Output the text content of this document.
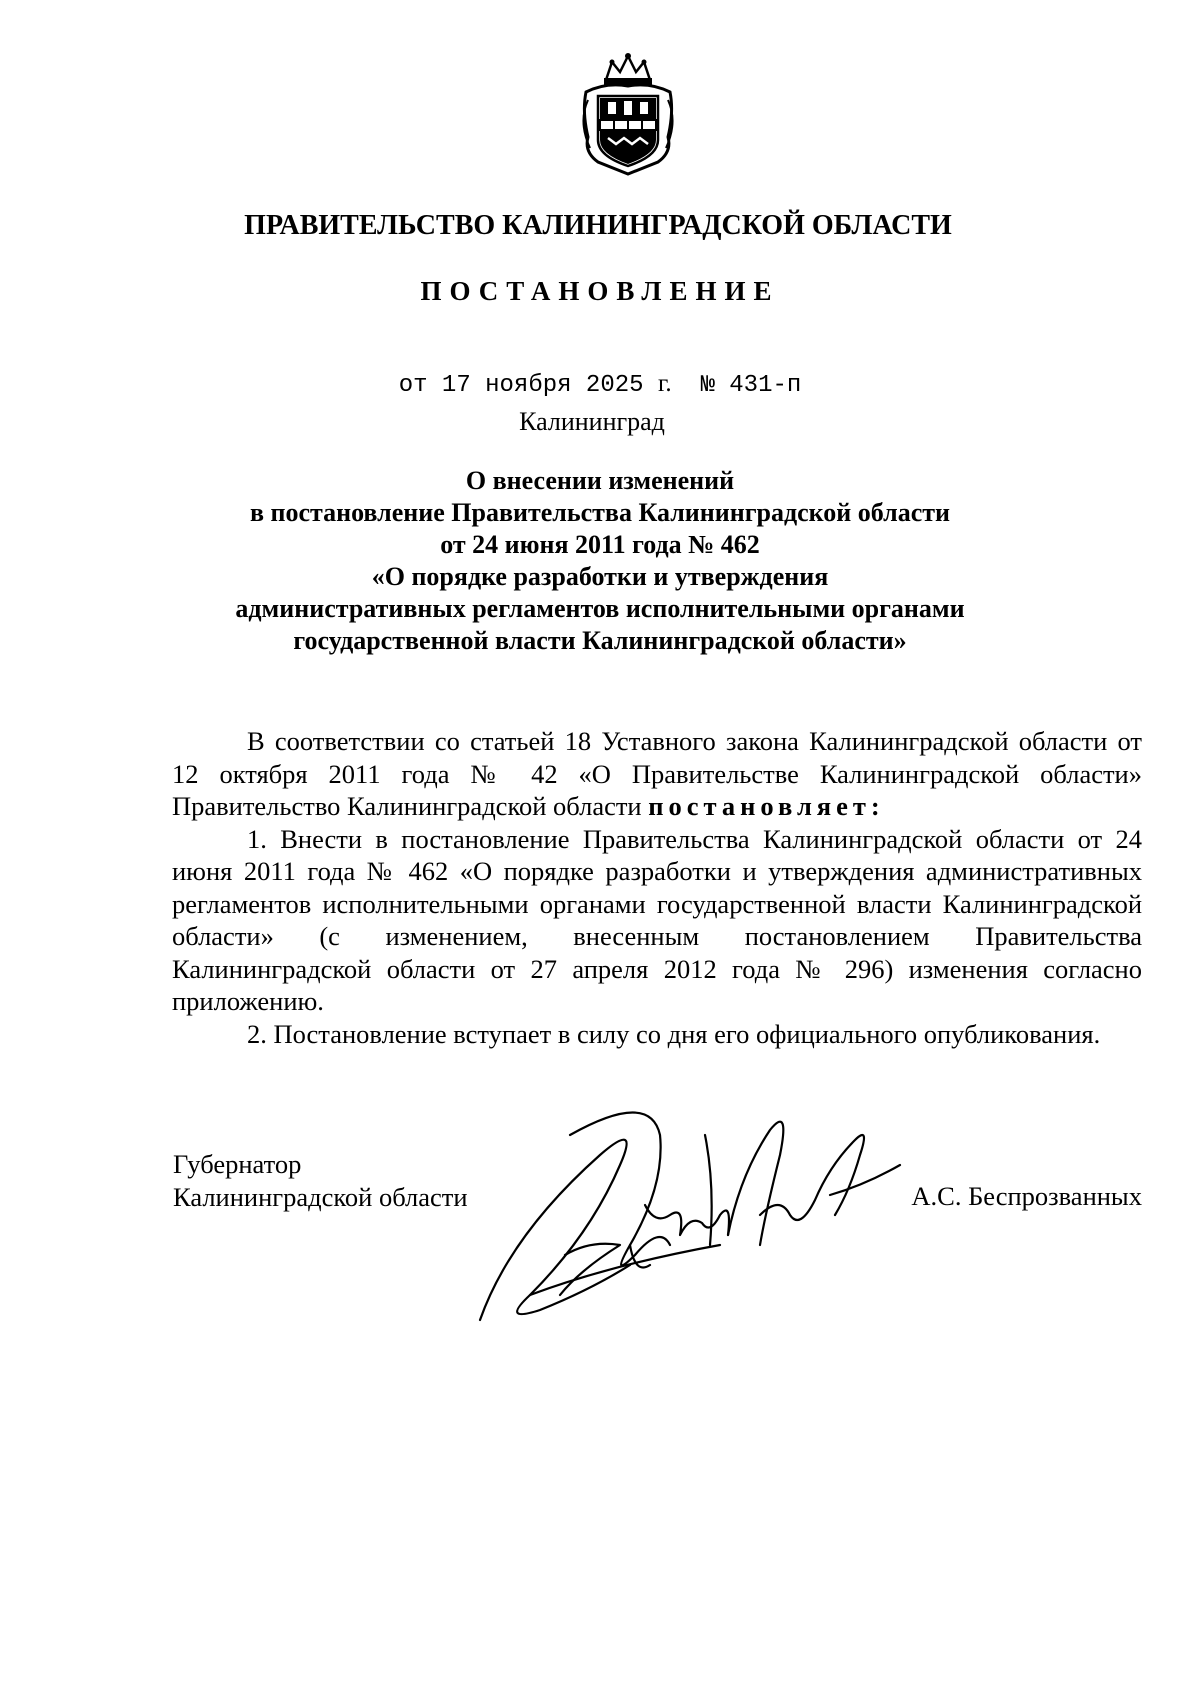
ПРАВИТЕЛЬСТВО КАЛИНИНГРАДСКОЙ ОБЛАСТИ
ПОСТАНОВЛЕНИЕ
от 17 ноября 2025 г. № 431-п
Калининград
О внесении изменений
в постановление Правительства Калининградской области
от 24 июня 2011 года № 462
«О порядке разработки и утверждения
административных регламентов исполнительными органами
государственной власти Калининградской области»

В соответствии со статьей 18 Уставного закона Калининградской области от 12 октября 2011 года № 42 «О Правительстве Калининградской области» Правительство Калининградской области постановляет:

1. Внести в постановление Правительства Калининградской области от 24 июня 2011 года № 462 «О порядке разработки и утверждения административных регламентов исполнительными органами государственной власти Калининградской области» (с изменением, внесенным постановлением Правительства Калининградской области от 27 апреля 2012 года № 296) изменения согласно приложению.

2. Постановление вступает в силу со дня его официального опубликования.

Губернатор
Калининградской области	А.С. Беспрозванных
